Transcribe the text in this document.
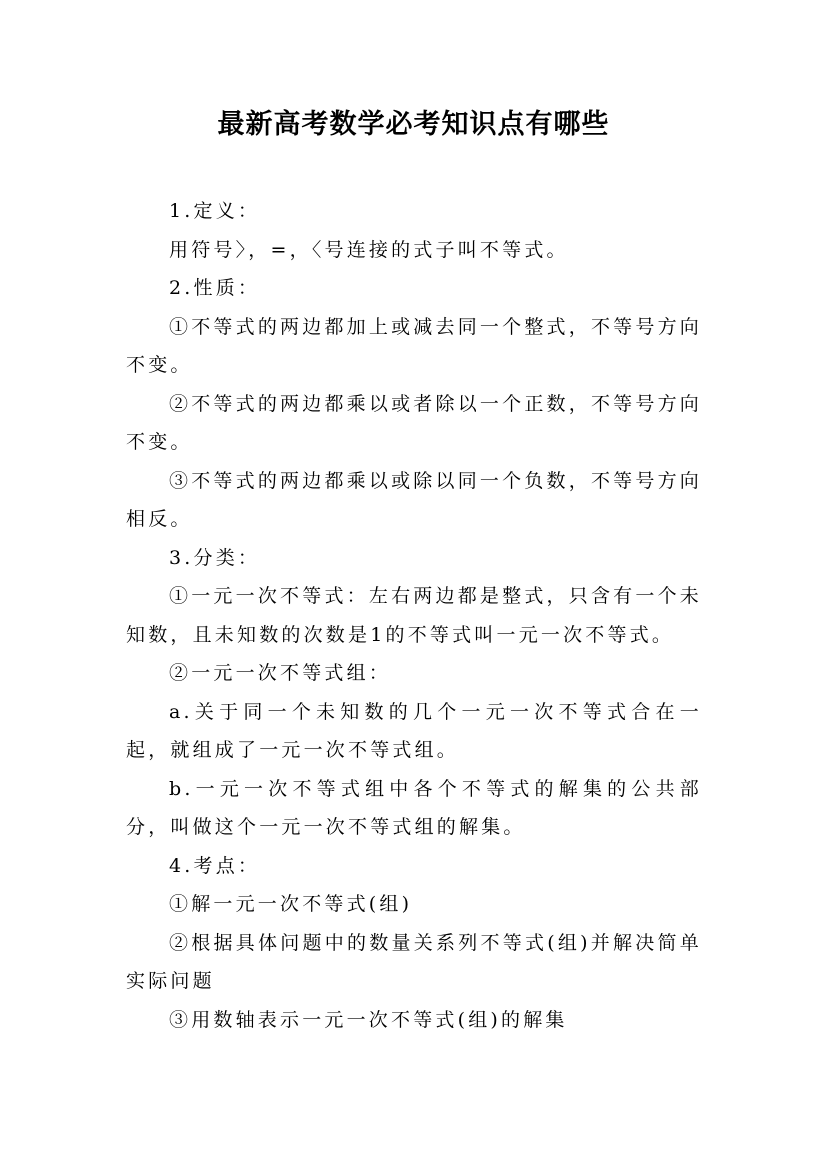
最新高考数学必考知识点有哪些

1.定义：

用符号〉，=，〈号连接的式子叫不等式。

2.性质：

①不等式的两边都加上或减去同一个整式，不等号方向不变。

②不等式的两边都乘以或者除以一个正数，不等号方向不变。

③不等式的两边都乘以或除以同一个负数，不等号方向相反。

3.分类：

①一元一次不等式：左右两边都是整式，只含有一个未知数，且未知数的次数是1的不等式叫一元一次不等式。

②一元一次不等式组：

a.关于同一个未知数的几个一元一次不等式合在一起，就组成了一元一次不等式组。

b.一元一次不等式组中各个不等式的解集的公共部分，叫做这个一元一次不等式组的解集。

4.考点：

①解一元一次不等式(组)

②根据具体问题中的数量关系列不等式(组)并解决简单实际问题

③用数轴表示一元一次不等式(组)的解集
